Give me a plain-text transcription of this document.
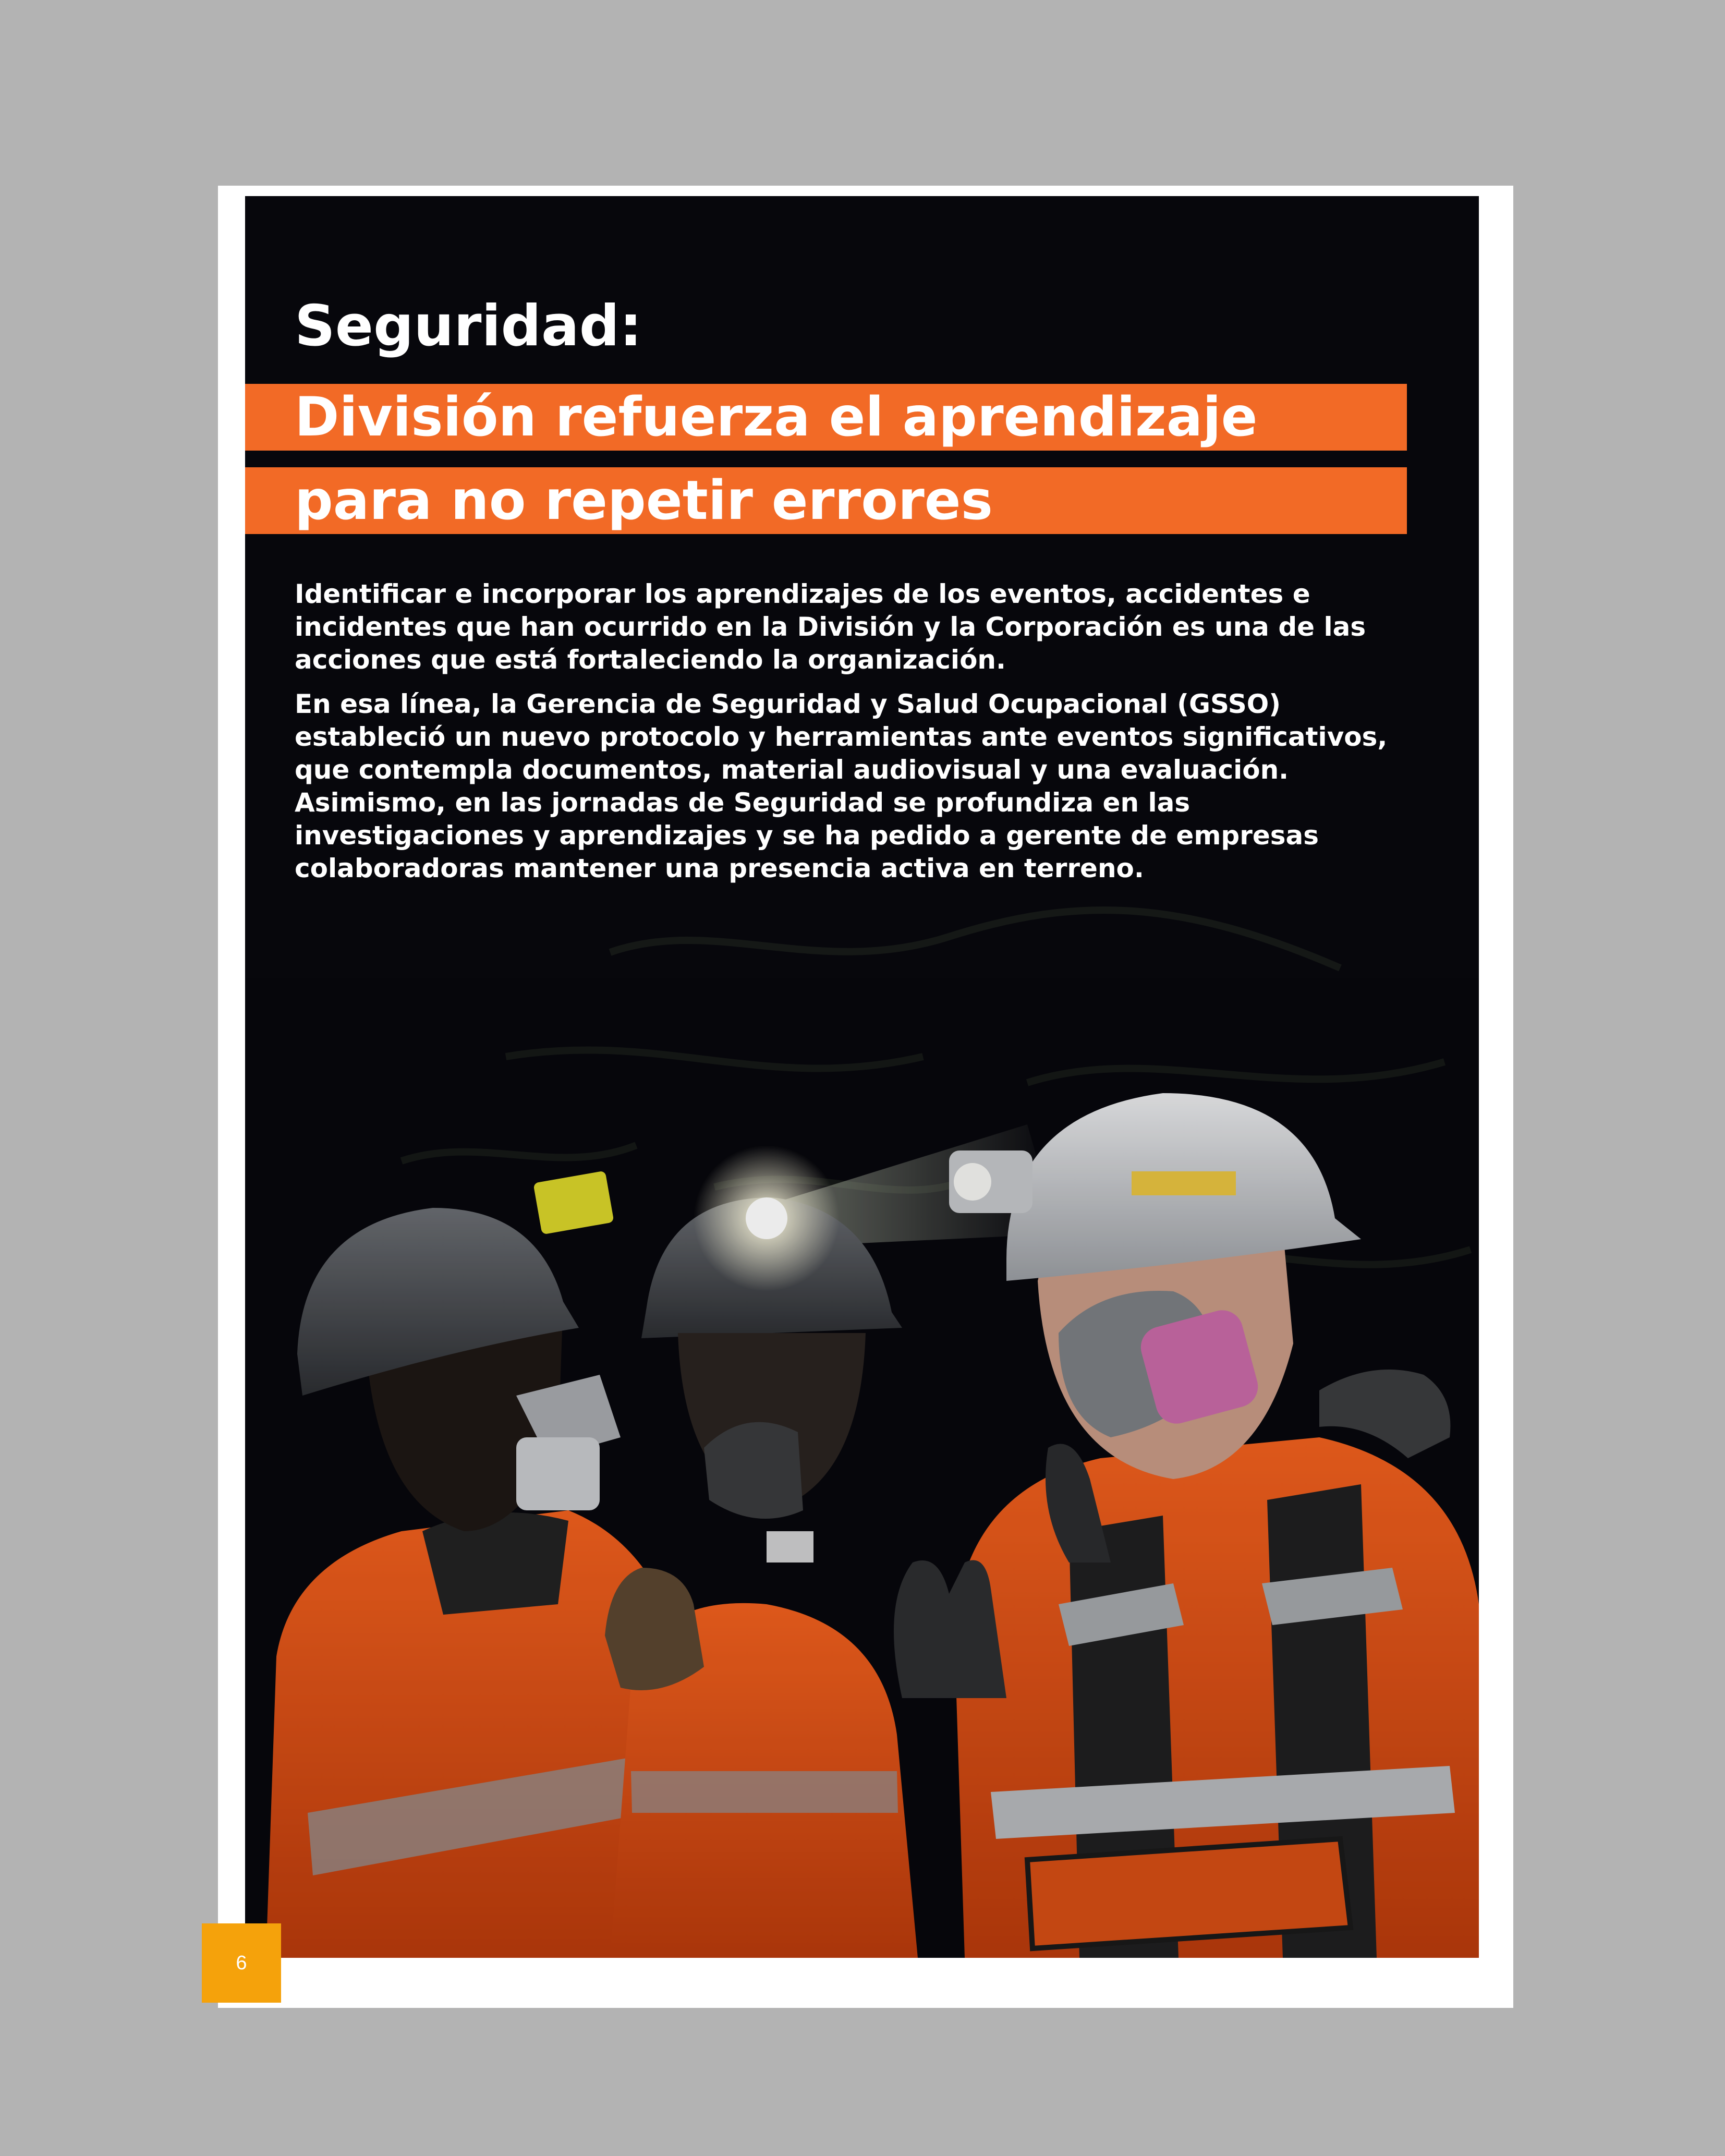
Seguridad:
División refuerza el aprendizaje
para no repetir errores

Identificar e incorporar los aprendizajes de los eventos, accidentes e incidentes que han ocurrido en la División y la Corporación es una de las acciones que está fortaleciendo la organización.

En esa línea, la Gerencia de Seguridad y Salud Ocupacional (GSSO) estableció un nuevo protocolo y herramientas ante eventos significativos, que contempla documentos, material audiovisual y una evaluación. Asimismo, en las jornadas de Seguridad se profundiza en las investigaciones y aprendizajes y se ha pedido a gerente de empresas colaboradoras mantener una presencia activa en terreno.

6
